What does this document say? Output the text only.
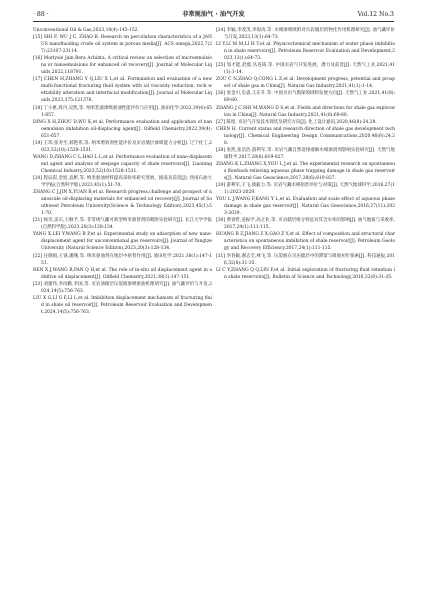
· 88 ·	非常规油气 · 油气开发	Vol.12 No.3

Unconventional Oil & Gas,2023,10(4):145-152.

[15] SHI F, WU J C, ZHAO B. Research on percolation characteristics of a JANUS nanofluoding crude oil system in porous media[J]. ACS omega,2022,7(27):23107-23114.

[16] Marlysie Jain,Bera Achinta. A critical review on selection of microemulsions or nanoemulsions for enhanced oil recovery[J]. Journal of Molecular Liquids,2022,118791.

[17] CHEN H,ZHANG Y Q,LIU X L,et al. Formulation and evaluation of a new multi-functional fracturing fluid system with oil viscosity reduction, rock wettability alteration and interfacial modification[J]. Journal of Molecular Liquids,2023,375:121376.

[18] 丁小惠,周丹,吴凯,等. 纳米乳液渗吸驱油性能评价与应用[J]. 油田化学,2022,39(4):651-657.

DING X H,ZHOU D,WU K,et al. Performance evaluation and application of nanoemulsion imbibition oil-displacing agent[J]. Oilfield Chemistry,2022,39(4):651-657.

[19] 王玮,张寿至,郝艳伟,等. 纳米增效剂性能评价及页岩储层渗吸能力分析[J]. 辽宁化工,2023,52(10):1528-1531.

WANG D,ZHANG C L,HAO L L,et al. Performance evaluation of nano-displacement agent and analysis of seepage capacity of shale reservoirs[J]. Liaoning Chemical Industry,2023,52(10):1528-1531.

[20] 程辰彩,金旭,袁彬,等. 纳米驱油材料提高采收率研究进展、挑战及前景[J]. 西南石油大学学报(自然科学版),2023,45(1):51-70.

ZHANG C J,JIN X,YUAN B,et al. Research progress,challenge and prospect of nanoscale oil-displacing materials for enhanced oil recovery[J]. Journal of Southwest Petroleum University(Science & Technology Edition),2023,45(1):51-70.

[21] 杨笑,雷庆,王桐予,等. 非常规气藏可新型纳米驱替剂的吸附实验研究[J]. 长江大学学报(自然科学版),2023,20(3):128-134.

YANG X,LEI Y,WANG R P,et al. Experimental study on adsorption of new nano-displacement agent for unconventional gas reservoirs[J]. Journal of Yangtze University (Natural Science Edition),2023,20(3):128-134.

[22] 任晓娟,王睿,潘珊,等. 纳米驱油剂在地层中驱替作用[J]. 油田化学,2021,38(1):147-151.

REN X J,WANG R,PAN Q H,et al. The role of in-situ oil displacement agent in additive oil displacement[J]. Oilfield Chemistry,2021,38(1):147-151.

[23] 刘建伟,李闯勤,李国,等. 页岩油储层压裂液渗吸驱油机理研究[J]. 油气藏评价与开发,2024,14(5):756-763.

LIU X G,LI G F,LI L,et al. Imbibition displacement mechanism of fracturing fluid in shale oil reservoir[J]. Petroleum Reservoir Evaluation and Development,2024,14(5):756-763.

[24] 李颖,李茂茂,李海涛,等. 水相渗吸吸附对页岩储层的物化作用机理研究[J]. 油气藏评价与开发,2023,13(1):64-73.

LI Y,LI M M,LI H T,et al. Physicochemical mechanism of water phase imbibition in shale reservoirs[J]. Petroleum Reservoir Evaluation and Development,2023,13(1):64-73.

[25] 邹才能,赵群,丛连铸,等. 中国页岩气开发进展、潜力及前景[J]. 天然气工业,2021,41(1):1-14.

ZOU C N,ZHAO Q,CONG L Z,et al. Development progress, potential and prospect of shale gas in China[J]. Natural Gas Industry,2021,41(1):1-14.

[26] 张金川,史淼,王东升,等. 中国页岩气勘探领域和发展方向[J]. 天然气工业,2021,41(8):69-80.

ZHANG J C,SHI M,WANG D S,et al. Fields and directions for shale gas exploration in China[J]. Natural Gas Industry,2021,41(8):69-80.

[27] 陈煜. 页岩气开发技术现状及研究方向[J]. 化工设计通讯,2020,46(8):24,28.

CHEN H. Current status and research direction of shale gas development technology[J]. Chemical Engineering Design Communications,2020,46(8):24,28.

[28] 张凯,张浩浩,游利军,等. 页岩气藏自然返排液解水相渗润剂影响实验研究[J]. 天然气地球科学,2017,28(6):819-827.

ZHANG K L,ZHANG X,YOU L J,et al. The experimental research on spontaneous flowback relieving aqueous phase trapping damage in shale gas reservoirs[J]. Natural Gas Geoscience,2017,28(6):819-827.

[29] 游利军,王飞,康毅力,等. 页岩气藏水相损害评价与对策[J]. 天然气地球科学,2016,27(11):2023-2029.

YOU L J,WANG F,KANG Y L,et al. Evaluation and scale effect of aqueous phase damage in shale gas reservoir[J]. Natural Gas Geoscience,2016,27(11):2023-2029.

[30] 黄睿哲,姜振学,高之业,等. 页岩储层组分特征对其含水率的影响[J]. 油气地质与采收率,2017,24(1):111-115.

HUANG R Z,JIANG Z X,GAO Z Y,et al. Effect of composition and structural characteristics on spontaneous imbibition of shale reservoir[J]. Petroleum Geology and Recovery Efficiency,2017,24(1):111-115.

[31] 李春颖,谢志全,林飞,等. 压裂液在页岩储层中的滞留与吸收初步探索[J]. 科技通报,2016,32(8):31-35.

LI C Y,ZHANG Q Q,LIN F,et al. Initial exploration of fracturing fluid retention in shale reservoirs[J]. Bulletin of Science and Technology,2016,32(8):31-35.
